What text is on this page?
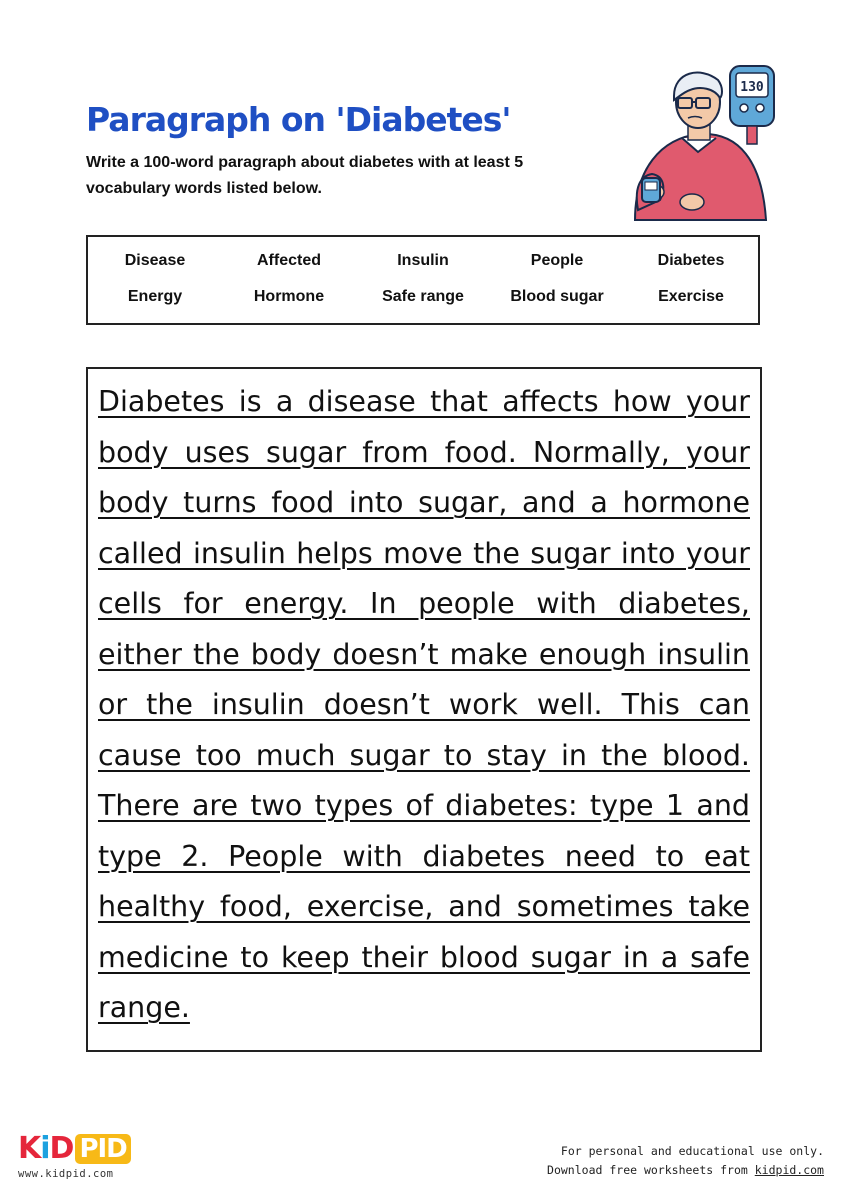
Paragraph on 'Diabetes'
Write a 100-word paragraph about diabetes with at least 5 vocabulary words listed below.
130
Disease	Affected	Insulin	People	Diabetes
Energy	Hormone	Safe range	Blood sugar	Exercise

Diabetes is a disease that affects how your body uses sugar from food. Normally, your body turns food into sugar, and a hormone called insulin helps move the sugar into your cells for energy. In people with diabetes, either the body doesn’t make enough insulin or the insulin doesn’t work well. This can cause too much sugar to stay in the blood. There are two types of diabetes: type 1 and type 2. People with diabetes need to eat healthy food, exercise, and sometimes take medicine to keep their blood sugar in a safe range.

K i D PID
www.kidpid.com
For personal and educational use only.
Download free worksheets from kidpid.com
